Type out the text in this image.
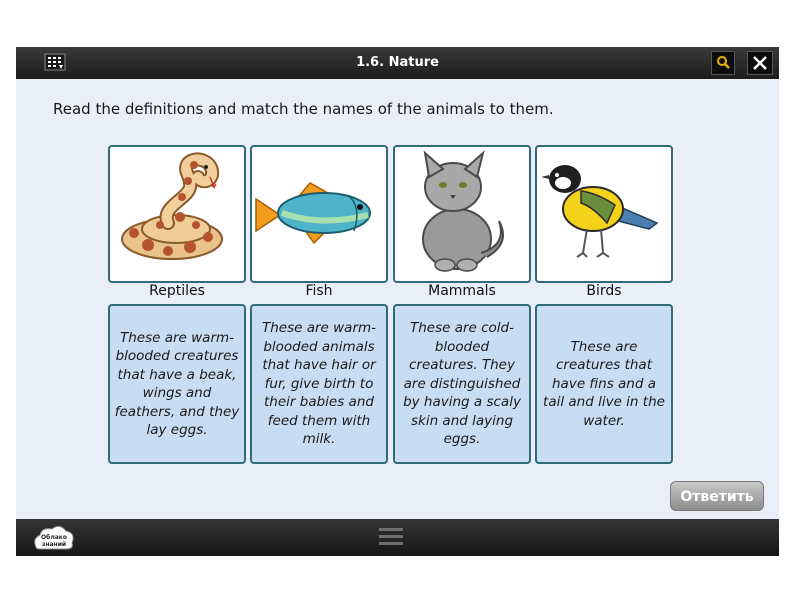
1.6. Nature
Read the definitions and match the names of the animals to them.
Reptiles	Fish	Mammals	Birds
These are warm-blooded creatures that have a beak, wings and feathers, and they lay eggs.
These are warm-blooded animals that have hair or fur, give birth to their babies and feed them with milk.
These are cold-blooded creatures. They are distinguished by having a scaly skin and laying eggs.
These are creatures that have fins and a tail and live in the water.
Ответить
Облако знаний
